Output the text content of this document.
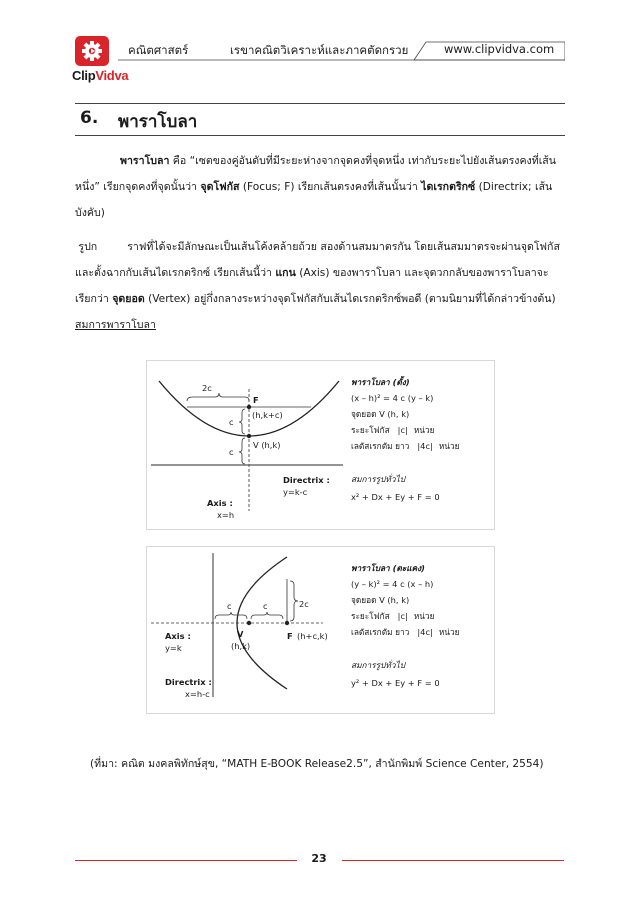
ClipVidva
คณิตศาสตร์	เรขาคณิตวิเคราะห์และภาคตัดกรวย	www.clipvidva.com
6. พาราโบลา
พาราโบลา คือ “เซตของคู่อันดับที่มีระยะห่างจากจุดคงที่จุดหนึ่ง เท่ากับระยะไปยังเส้นตรงคงที่เส้นหนึ่ง” เรียกจุดคงที่จุดนั้นว่า จุดโฟกัส (Focus; F) เรียกเส้นตรงคงที่เส้นนั้นว่า ไดเรกตริกซ์ (Directrix; เส้นบังคับ)
รูปก	ราฟที่ได้จะมีลักษณะเป็นเส้นโค้งคล้ายถ้วย สองด้านสมมาตรกัน โดยเส้นสมมาตรจะผ่านจุดโฟกัสและตั้งฉากกับเส้นไดเรกตริกซ์ เรียกเส้นนี้ว่า แกน (Axis) ของพาราโบลา และจุดวกกลับของพาราโบลาจะเรียกว่า จุดยอด (Vertex) อยู่กึ่งกลางระหว่างจุดโฟกัสกับเส้นไดเรกตริกซ์พอดี (ตามนิยามที่ได้กล่าวข้างต้น)
สมการพาราโบลา
2c
F
(h,k+c)
c
c
V (h,k)
Directrix :
y=k-c
Axis :
x=h
พาราโบลา (ตั้ง)
(x – h)² = 4 c (y – k)
จุดยอด V (h, k)
ระยะโฟกัส |c| หน่วย
เลตัสเรกตัม ยาว |4c| หน่วย
สมการรูปทั่วไป
x² + Dx + Ey + F = 0
2c
c	c
V
(h,k)
F (h+c,k)
Axis :
y=k
Directrix :
x=h-c
พาราโบลา (ตะแคง)
(y – k)² = 4 c (x – h)
จุดยอด V (h, k)
ระยะโฟกัส |c| หน่วย
เลตัสเรกตัม ยาว |4c| หน่วย
สมการรูปทั่วไป
y² + Dx + Ey + F = 0
(ที่มา: คณิต มงคลพิทักษ์สุข, “MATH E-BOOK Release2.5”, สำนักพิมพ์ Science Center, 2554)
23
